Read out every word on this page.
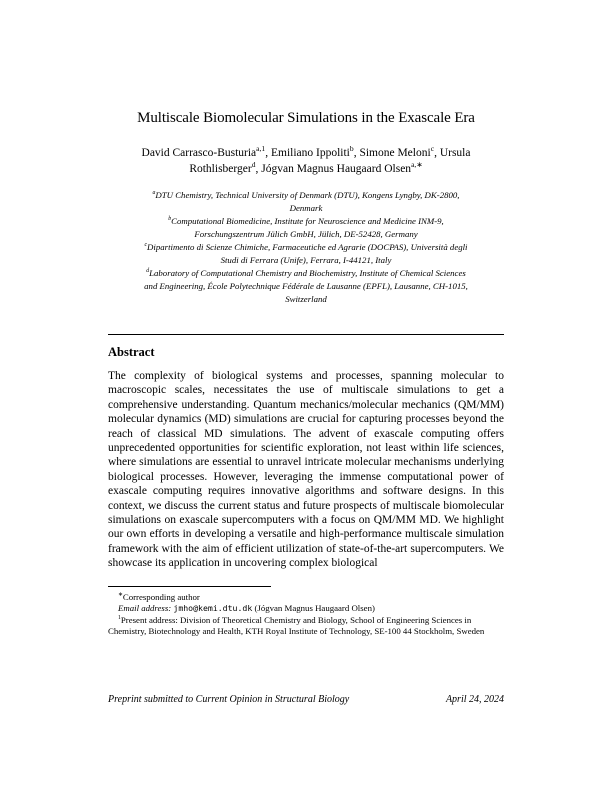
Multiscale Biomolecular Simulations in the Exascale Era
David Carrasco-Busturia$^{a,1}$, Emiliano Ippoliti$^b$, Simone Meloni$^c$, Ursula Rothlisberger$^d$, Jógvan Magnus Haugaard Olsen$^{a,∗}$
$^a$DTU Chemistry, Technical University of Denmark (DTU), Kongens Lyngby, DK-2800, Denmark
$^b$Computational Biomedicine, Institute for Neuroscience and Medicine INM-9, Forschungszentrum Jülich GmbH, Jülich, DE-52428, Germany
$^c$Dipartimento di Scienze Chimiche, Farmaceutiche ed Agrarie (DOCPAS), Università degli Studi di Ferrara (Unife), Ferrara, I-44121, Italy
$^d$Laboratory of Computational Chemistry and Biochemistry, Institute of Chemical Sciences and Engineering, École Polytechnique Fédérale de Lausanne (EPFL), Lausanne, CH-1015, Switzerland
Abstract

The complexity of biological systems and processes, spanning molecular to macroscopic scales, necessitates the use of multiscale simulations to get a comprehensive understanding. Quantum mechanics/molecular mechanics (QM/MM) molecular dynamics (MD) simulations are crucial for capturing processes beyond the reach of classical MD simulations. The advent of exascale computing offers unprecedented opportunities for scientific exploration, not least within life sciences, where simulations are essential to unravel intricate molecular mechanisms underlying biological processes. However, leveraging the immense computational power of exascale computing requires innovative algorithms and software designs. In this context, we discuss the current status and future prospects of multiscale biomolecular simulations on exascale supercomputers with a focus on QM/MM MD. We highlight our own efforts in developing a versatile and high-performance multiscale simulation framework with the aim of efficient utilization of state-of-the-art supercomputers. We showcase its application in uncovering complex biological

∗Corresponding author

Email address: jmho@kemi.dtu.dk (Jógvan Magnus Haugaard Olsen)

$^1$Present address: Division of Theoretical Chemistry and Biology, School of Engineering Sciences in Chemistry, Biotechnology and Health, KTH Royal Institute of Technology, SE-100 44 Stockholm, Sweden

Preprint submitted to Current Opinion in Structural Biology	April 24, 2024
